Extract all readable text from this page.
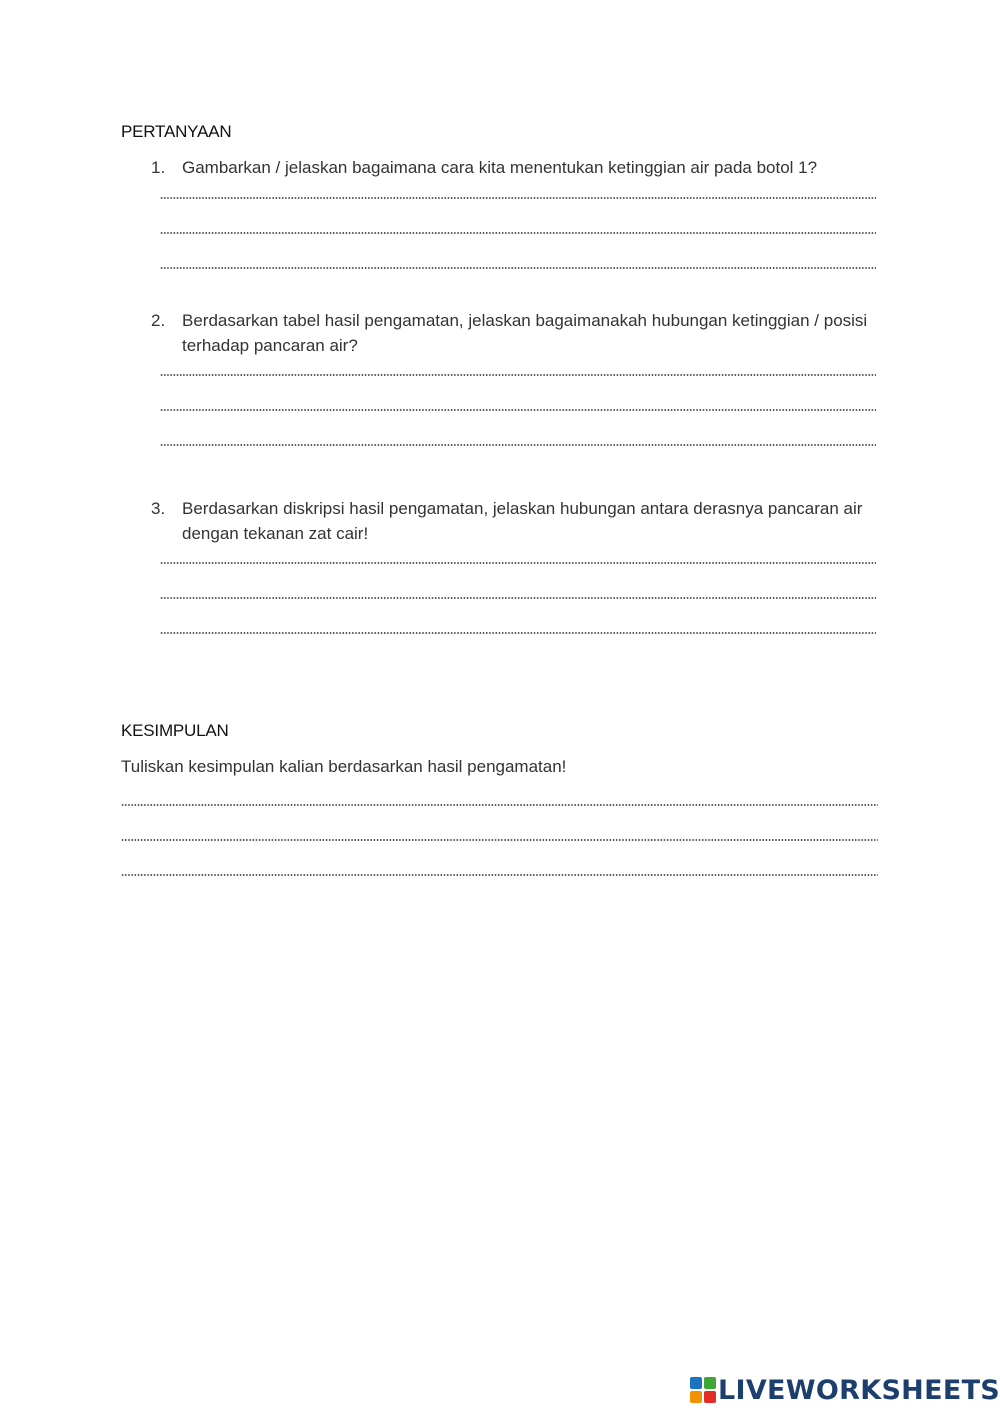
PERTANYAAN
1. Gambarkan / jelaskan bagaimana cara kita menentukan ketinggian air pada botol 1?
2. Berdasarkan tabel hasil pengamatan, jelaskan bagaimanakah hubungan ketinggian / posisi terhadap pancaran air?
3. Berdasarkan diskripsi hasil pengamatan, jelaskan hubungan antara derasnya pancaran air dengan tekanan zat cair!
KESIMPULAN
Tuliskan kesimpulan kalian berdasarkan hasil pengamatan!
LIVEWORKSHEETS
